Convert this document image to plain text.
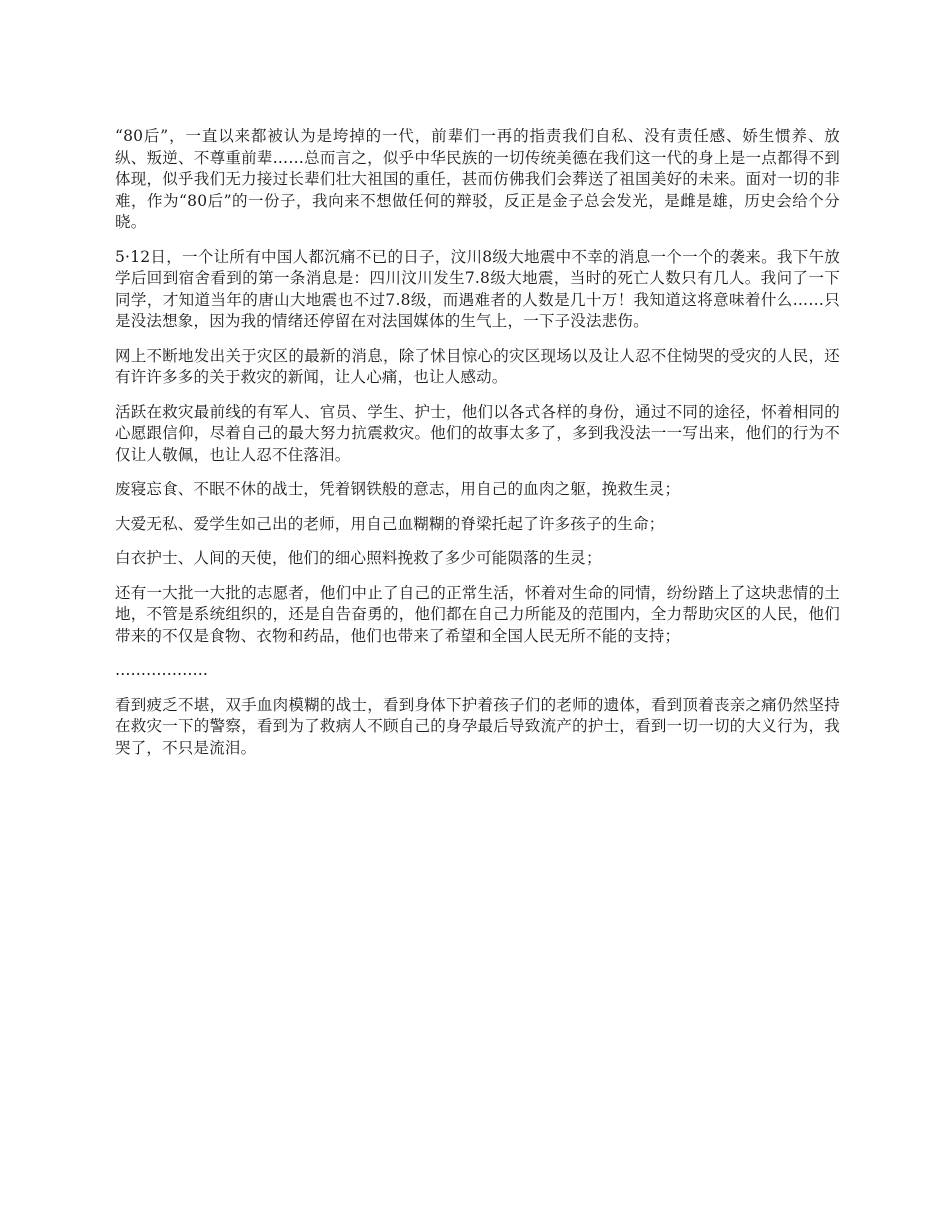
“80后”，一直以来都被认为是垮掉的一代，前辈们一再的指责我们自私、没有责任感、娇生惯养、放纵、叛逆、不尊重前辈……总而言之，似乎中华民族的一切传统美德在我们这一代的身上是一点都得不到体现，似乎我们无力接过长辈们壮大祖国的重任，甚而仿佛我们会葬送了祖国美好的未来。面对一切的非难，作为“80后”的一份子，我向来不想做任何的辩驳，反正是金子总会发光，是雌是雄，历史会给个分晓。

5·12日，一个让所有中国人都沉痛不已的日子，汶川8级大地震中不幸的消息一个一个的袭来。我下午放学后回到宿舍看到的第一条消息是：四川汶川发生7.8级大地震，当时的死亡人数只有几人。我问了一下同学，才知道当年的唐山大地震也不过7.8级，而遇难者的人数是几十万！我知道这将意味着什么……只是没法想象，因为我的情绪还停留在对法国媒体的生气上，一下子没法悲伤。

网上不断地发出关于灾区的最新的消息，除了怵目惊心的灾区现场以及让人忍不住恸哭的受灾的人民，还有许许多多的关于救灾的新闻，让人心痛，也让人感动。

活跃在救灾最前线的有军人、官员、学生、护士，他们以各式各样的身份，通过不同的途径，怀着相同的心愿跟信仰，尽着自己的最大努力抗震救灾。他们的故事太多了，多到我没法一一写出来，他们的行为不仅让人敬佩，也让人忍不住落泪。

废寝忘食、不眠不休的战士，凭着钢铁般的意志，用自己的血肉之躯，挽救生灵；

大爱无私、爱学生如己出的老师，用自己血糊糊的脊梁托起了许多孩子的生命；

白衣护士、人间的天使，他们的细心照料挽救了多少可能陨落的生灵；

还有一大批一大批的志愿者，他们中止了自己的正常生活，怀着对生命的同情，纷纷踏上了这块悲情的土地，不管是系统组织的，还是自告奋勇的，他们都在自己力所能及的范围内，全力帮助灾区的人民，他们带来的不仅是食物、衣物和药品，他们也带来了希望和全国人民无所不能的支持；

………………

看到疲乏不堪，双手血肉模糊的战士，看到身体下护着孩子们的老师的遗体，看到顶着丧亲之痛仍然坚持在救灾一下的警察，看到为了救病人不顾自己的身孕最后导致流产的护士，看到一切一切的大义行为，我哭了，不只是流泪。
